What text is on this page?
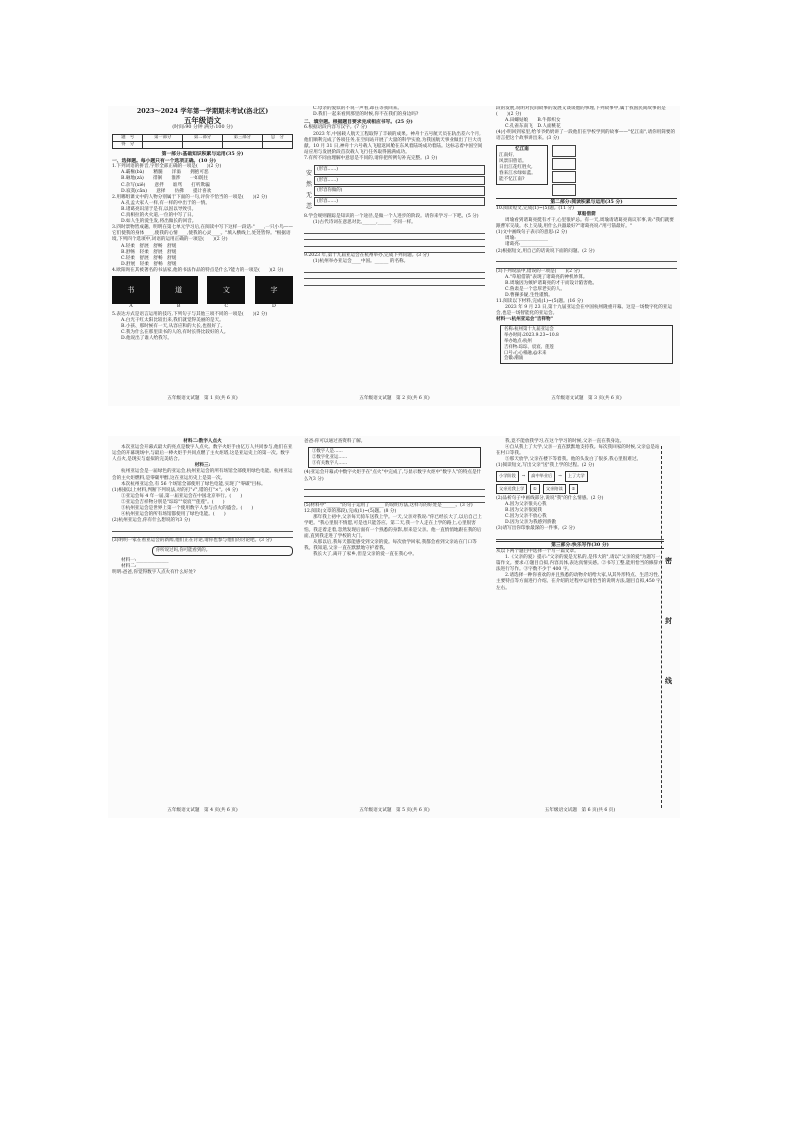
2023～2024 学年第一学期期末考试(洛北区)
五年级语文
(时间:90 分钟 满分:100 分)
题　号	第一部分	第二部分	第三部分	总　分
得　分				
第一部分:基础知识积累与运用(35 分)
一、选择题。每小题只有一个选项正确。(10 分)

1.下列词语的拼音,字形全部正确的一项是(　　)(2 分)

A.霸権(bà)　　精髓　　洋溢　　拥抱可恶

B.砸地(zá)　　徘徊　　淮涉　　一如既往

C.杂写(xiě)　　意拌　　谁骂　　打听欺骗

D.寂寞(cǎn)　　意择　　仿佛　　提计喜欢

2.用哪组课文中的人物分别属于下面的一句,评价不恰当的一项是(　　)(2 分)

A.孔孟大家人一样,有一样的中出于的一情。

B.诸葛亮识清于是有,以因以导致引。

C.真相拉的火火道,一位的中写了日。

D.如人生的爱生发,将出做长的回音。

3.四时景物皆成趣。明明在第七单元学习后,在阅读中写下这样一段话:"____,一只小鸟——它们使我的身体____,使我的心情____,使我的心灵____。"填入横线上,处处皆得。"根据语境,下列四个选项中,词语的运用正确的一项是(　　)(2 分)

A.轻柔　舒展　舒畅　舒缓

B.舒畅　轻柔　舒展　舒缓

C.轻柔　舒展　舒畅　舒缓

D.舒展　轻柔　舒畅　舒缓

4.欧阳询在其被著名的书法家,他的书法作品的特点是什么?能力的一项是(　　)(2 分)

书
A
道
B
文
C
字
D

5.表达方式是语言运用的技巧,下列句子与其他三项不同的一项是(　　)(2 分)

A.白光干红太阳比较出来,我们就觉得美丽的是天。

B.小孩、那时候有一天,从容应和的大长,也很好了。

C.我为什么在那里读书的人的,有时长得比较好的人。

D.他说出了谁人给我写。

五年级语文试题　第 1 页(共 6 页)

C.母亲的爱似的不说一声看,却在等我回来。

D.我们一起来看到那里的时候,你不在我们的身边吗?

二、填空题。根据题目要求完成相应书写。(25 分)

6.根据语段内容写汉字。(7 分)

2023 年,中国载人航天工程取得了丰硕的成果。神舟十五号航天员在轨出差六个月,他们顺利完成了各项任务,在空间站开展了大量的科学实验,为我国航天事业做出了巨大贡献。10 月 31 日,神舟十六号载人飞船返回舱在东风着陆场成功着陆。这标志着中国空间站应用与发展阶段首次载人飞行任务取得圆满成功。

7.有所不同由理解中意思是不同的,请你把所例句补充完整。(3 分)

安
然
无
恙
(形容……)
(形容……)
(形容你做的)
(形容……)

8.学会规则跟踪是知识的一个途径,是做一个人进步的阶段。请你来学习一下吧。(5 分)

(1)古代诗词在意思对比,______,______ 不同一样。

9.2023 年,第十九届亚运会在杭州举办,完成下列问题。(3 分)

(1)杭州举办亚运会____中国。______ 的名称。

五年级语文试题　第 2 页(共 6 页)

段的发展,说明对民间故事的发展又谈谈他的事理,下列故事中,属于我国民间故事的是(　　)(2 分)

A.田螺姑娘　　B.牛郎织女

C.孔雀东南飞　D.人面桃花

(4)小明回到家里,给爷爷奶奶讲了一段他们在学校学到的故事——"忆江南",请你用简要的语言把这个故事讲出来。(3 分)

忆江南
江南好,
风景旧曾谙。
日出江花红胜火,
春来江水绿如蓝。
能不忆江南?
第二部分:阅读积累与运用(35 分)

10.阅读短文,完成(1)~(5)题。(11 分)

草船借箭

周瑜看到诸葛亮挺有才干,心里很妒忌。有一天,周瑜请诸葛亮商议军事,说:"我们就要跟曹军交战。水上交战,用什么兵器最好?"诸葛亮说:"用弓箭最好。"

(1)文中画线句子表示的意思:(2 分)

周瑜:______________

诸葛亮:______________

(2)根据短文,用自己的话说说下面的问题。(2 分)

(3)下列说法中,错误的一项是(　　)(2 分)

A."草船借箭"表现了诸葛亮的神机妙算。

B.周瑜因为嫉妒诸葛亮的才干而设计陷害他。

C.鲁肃是一个忠厚老实的人。

D.曹操多疑,生性谨慎。

11.阅读以下材料,完成(1)~(5)题。(16 分)

2023 年 9 月 23 日,第十九届亚运会在中国杭州隆重开幕。这是一场数字化的亚运会,也是一场智能化的亚运会。

材料一:杭州亚运会"吉祥物"

名称:杭州第十九届亚运会
举办时间:2023.9.23~10.8
举办地点:杭州
吉祥物:琮琮、宸宸、莲莲
口号:心心相融,@未来
会徽:潮涌
五年级语文试题　第 3 页(共 6 页)

材料二:数字人点火

本次亚运会开幕式最大的亮点是数字人点火。数字火炬手由亿万人共同参与,他们在亚运会的开幕现场中,与最后一棒火炬手共同点燃了主火炬塔,这是亚运史上的第一次。数字人点火,是现实与虚拟的完美结合。

材料三:

杭州亚运会是一届绿色的亚运会,杭州亚运会的所有场馆全部使用绿色电能。杭州亚运会的主火炬燃料,是零碳甲醇,这在亚运历史上是第一次。

本次杭州亚运会,有 56 个场馆全部使用了绿色电能,实现了"零碳"目标。

(1)根据以上材料,判断下列说法,对的打"√",错的打"×"。(4 分)

①亚运会每 4 年一届,第一届亚运会在中国北京举行。(　　)

②亚运会吉祥物分别是"琮琮""宸宸""莲莲"。(　　)

③杭州亚运会是世界上第一个使用数字人参与点火的盛会。(　　)

④杭州亚运会的所有场馆都使用了绿色电能。(　　)

(2)杭州亚运会,你有什么想说的?(3 分)

(3)明明一家在看亚运会的新闻,他们正在讨论,请你也参与他们的讨论吧。(3 分)

你听说过吗,你可能看到的。

材料一:______________

材料二:______________

明明:爸爸,你觉得数字人点火有什么好处?

五年级语文试题　第 4 页(共 6 页)

爸爸:你可以通过查资料了解。

①数字人是……
②数字化亚运……
③有关数字人……

(4)亚运会开幕式中数字火炬手在"点火"中完成了,与显示数字火炬中"数字人"的特点是什么?(3 分)

(5)材料中"______"的句子运用了______ 的说明方法,这样写的好处是______。(3 分)

12.阅读(文章的那段),完成(1)~(5)题。(8 分)

那年我上初中,父亲每天骑车送我上学。一天,父亲对我说:"你已经长大了,以后自己上学吧。"我心里很不情愿,可是也只能答应。第二天,我一个人走在上学的路上,心里很害怕。我走着走着,忽然发现后面有一个熟悉的身影,原来是父亲。他一直悄悄地跟在我的后面,直到我走进了学校的大门。

从那以后,我每天都能感受到父亲的爱。每次放学回家,我都会看到父亲站在门口等我。我知道,父亲一直在默默地守护着我。

我长大了,离开了家乡,但是父亲的爱一直在我心中。

五年级语文试题　第 5 页(共 6 页)

我,竟不能放我学习,在这个学习的时候,父亲一直在我身边。

④自从我上了大学,父亲一直在默默地支持我。每次我回家的时候,父亲总是站在村口等我。

⑤那天放学,父亲在楼下等着我。他的头发白了很多,我心里很难过。

(1)阅读短文,写出父亲"送"我上学的过程。(2 分)

小学阶段	→	高中毕业后	→	上了大学
父亲送我上学	①	父亲陪读	②

(2)品析句子中画线部分,说说"我"的什么情感。(2 分)

A.因为父亲很关心我

B.因为父亲很爱我

C.因为父亲不放心我

D.因为父亲为我感到骄傲

(3)请写出你印象最深的一件事。(2 分)

第三部分:快乐写作(30 分)

从以下两个题目中选择一个写一篇文章。

1.《父亲的爱》提示:"父亲的爱是无私的,是伟大的",请以"父亲的爱"为题写一篇作文。要求:①题目自拟,内容具体,表达真情实感。②书写工整,能用恰当的修辞方法进行写作。③字数不少于 400 字。

2.请选择一种你喜欢的并且熟悉的动物介绍给大家,从其外形特点、生活习性、主要特点等方面进行介绍。在介绍的过程中运用恰当的说明方法,题目自拟,450 字左右。

五年级语文试题　第 6 页(共 6 页)
密
封
线
